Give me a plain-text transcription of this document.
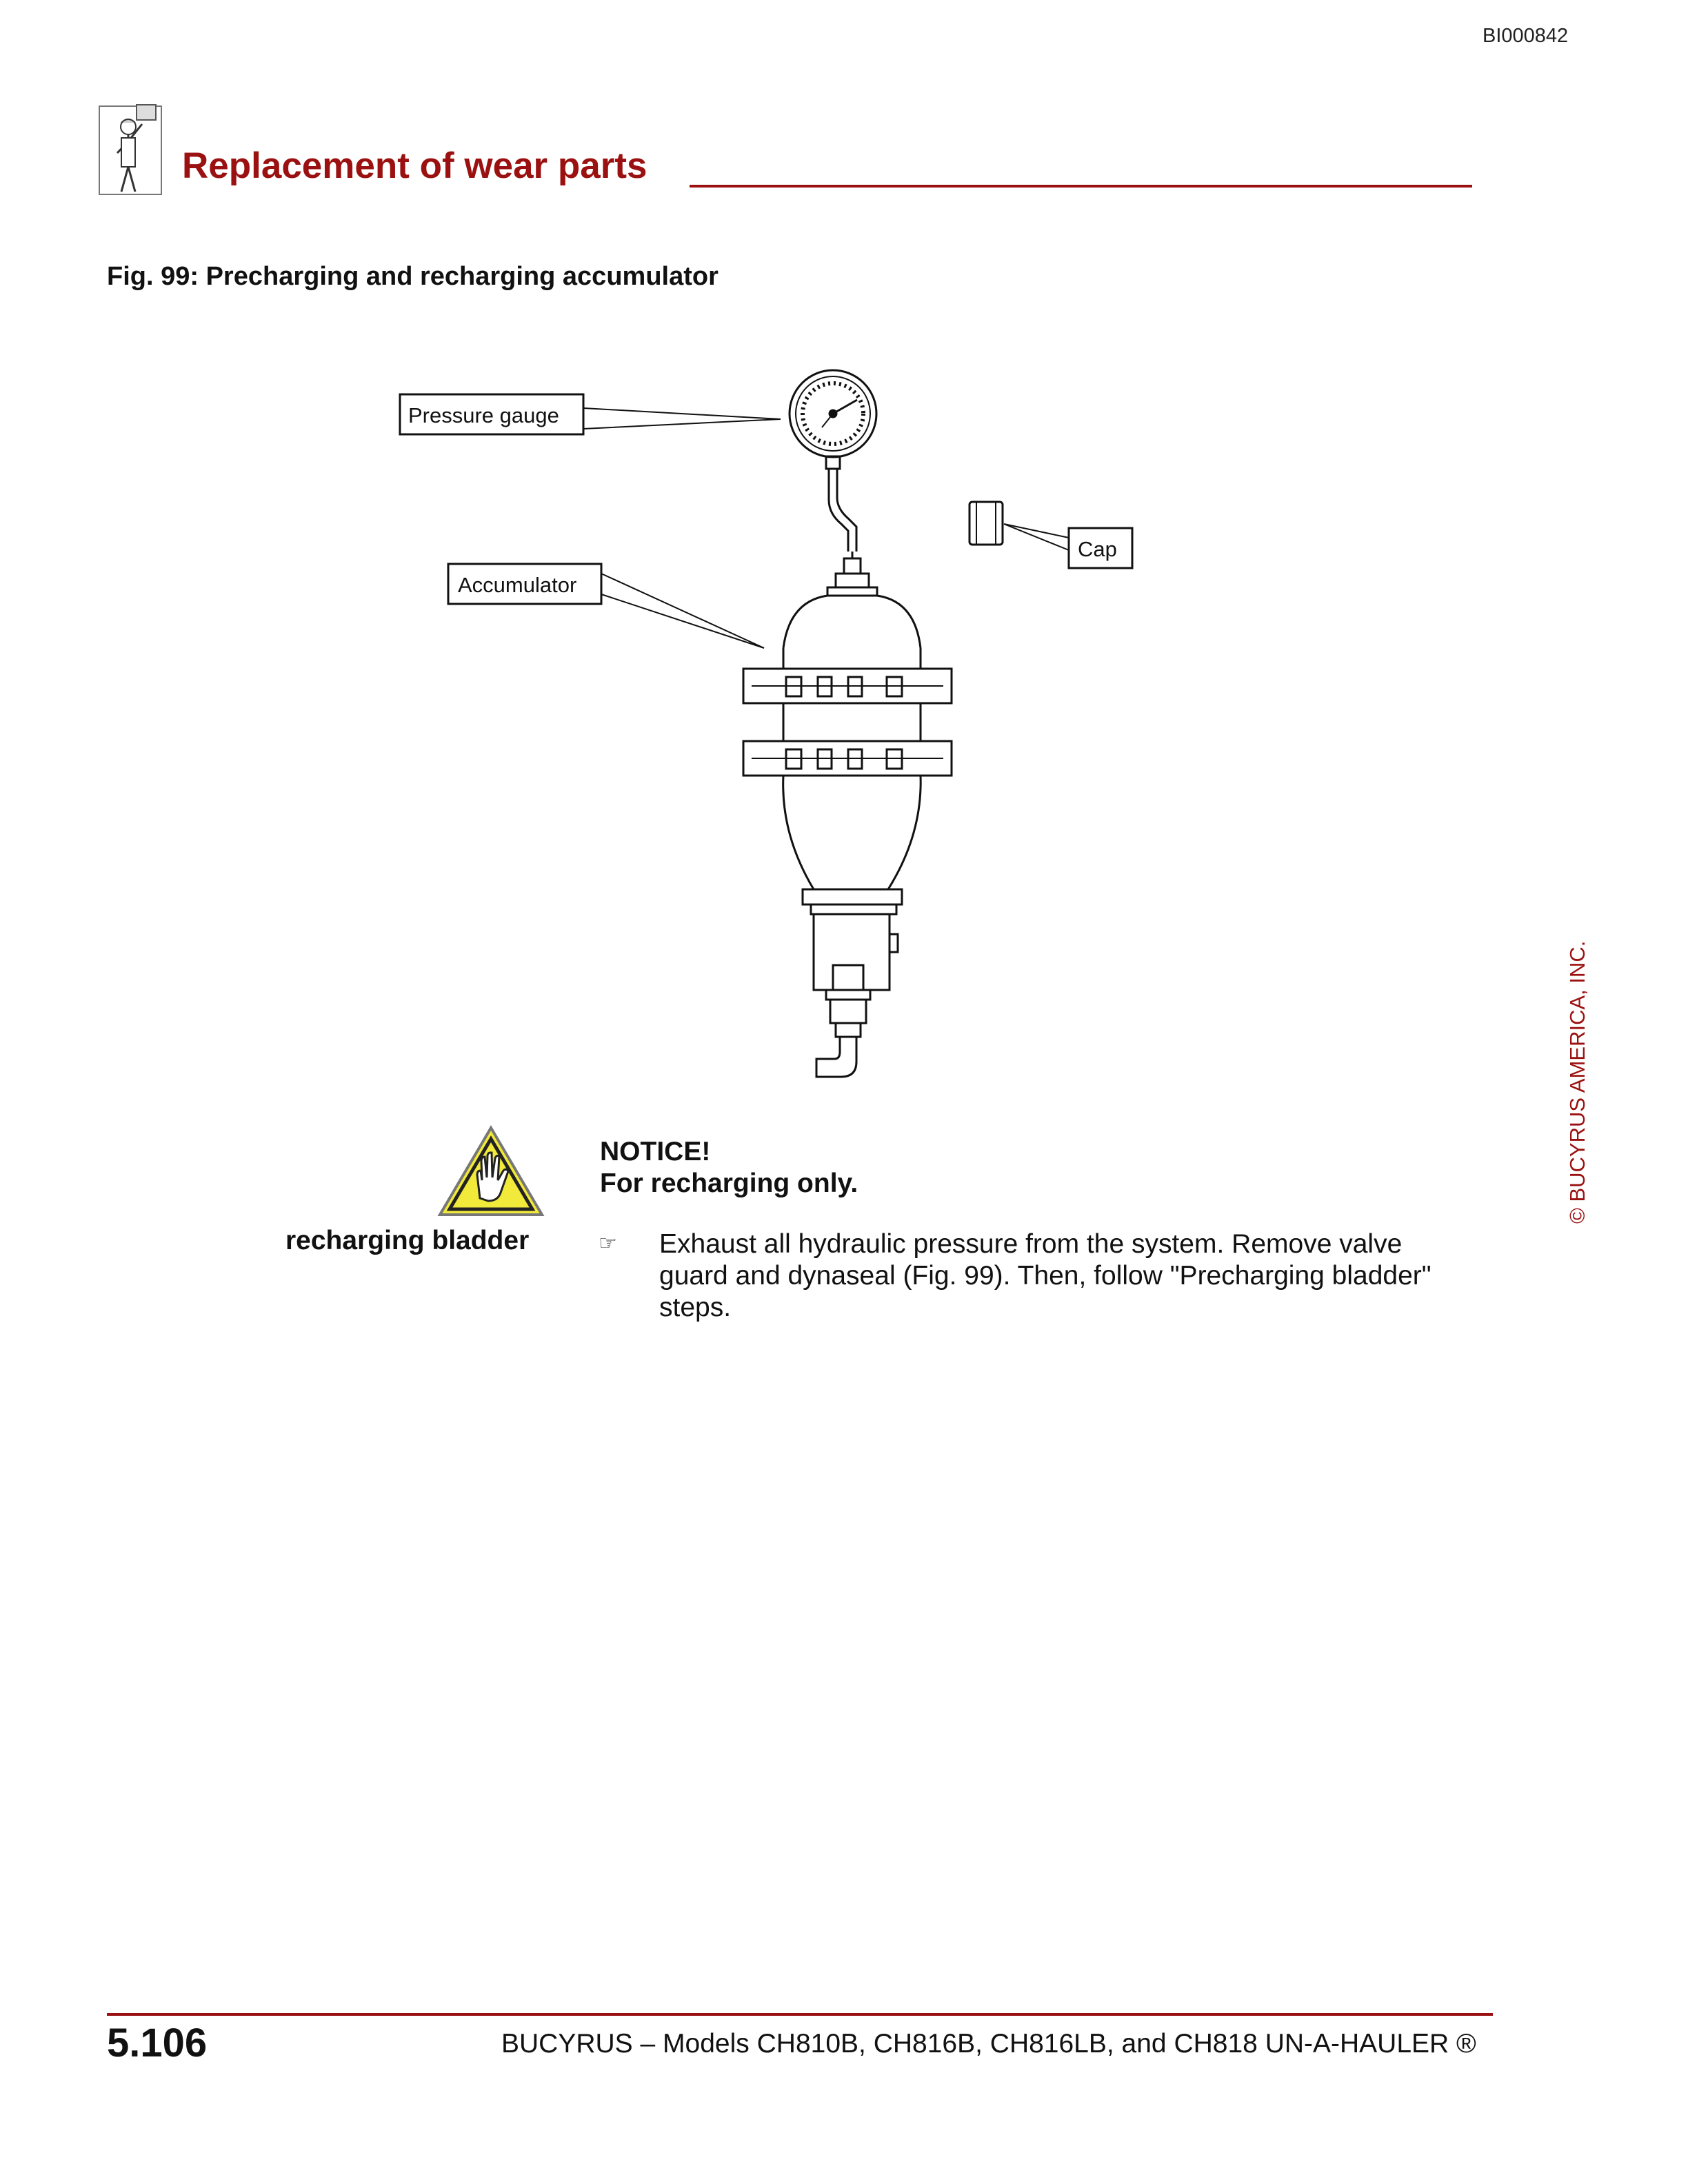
BI000842
Replacement of wear parts
Fig. 99: Precharging and recharging accumulator
Pressure gauge
Cap
Accumulator
NOTICE!
For recharging only.
recharging bladder	☞ Exhaust all hydraulic pressure from the system. Remove valve guard and dynaseal (Fig. 99). Then, follow "Precharging bladder" steps.
© BUCYRUS AMERICA, INC.
5.106	BUCYRUS – Models CH810B, CH816B, CH816LB, and CH818 UN-A-HAULER ®
